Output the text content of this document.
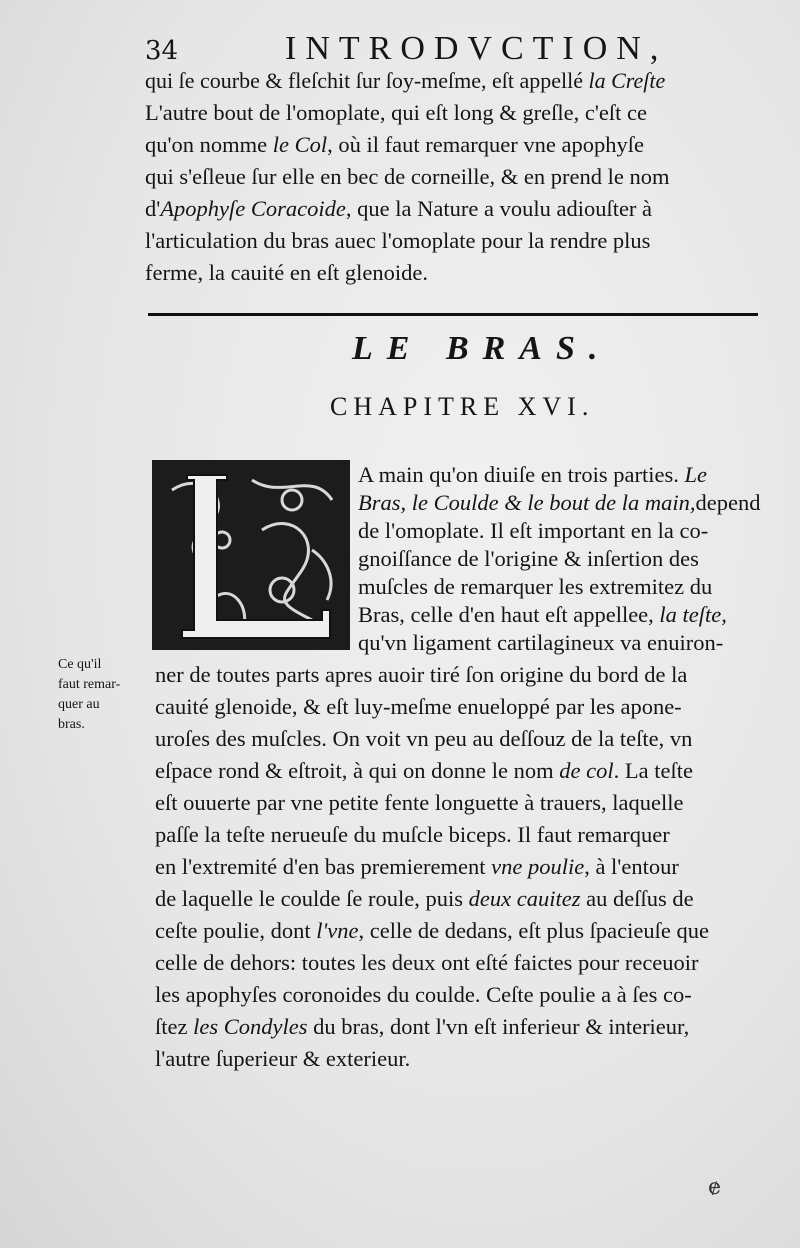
34	INTRODVCTION,
qui ſe courbe & fleſchit ſur ſoy-meſme, eſt appellé la Creſte
L'autre bout de l'omoplate, qui eſt long & greſle, c'eſt ce
qu'on nomme le Col, où il faut remarquer vne apophyſe
qui s'eſleue ſur elle en bec de corneille, & en prend le nom
d'Apophyſe Coracoide, que la Nature a voulu adiouſter à
l'articulation du bras auec l'omoplate pour la rendre plus
ferme, la cauité en eſt glenoide.
LE BRAS.
CHAPITRE XVI.
A main qu'on diuiſe en trois parties. Le
Bras, le Coulde & le bout de la main,depend
de l'omoplate. Il eſt important en la co-
gnoiſſance de l'origine & inſertion des
muſcles de remarquer les extremitez du
Bras, celle d'en haut eſt appellee, la teſte,
qu'vn ligament cartilagineux va enuiron-
Ce qu'il
faut remar-
quer au
bras.
ner de toutes parts apres auoir tiré ſon origine du bord de la
cauité glenoide, & eſt luy-meſme enueloppé par les apone-
uroſes des muſcles. On voit vn peu au deſſouz de la teſte, vn
eſpace rond & eſtroit, à qui on donne le nom de col. La teſte
eſt ouuerte par vne petite fente longuette à trauers, laquelle
paſſe la teſte nerueuſe du muſcle biceps. Il faut remarquer
en l'extremité d'en bas premierement vne poulie, à l'entour
de laquelle le coulde ſe roule, puis deux cauitez au deſſus de
ceſte poulie, dont l'vne, celle de dedans, eſt plus ſpacieuſe que
celle de dehors: toutes les deux ont eſté faictes pour receuoir
les apophyſes coronoides du coulde. Ceſte poulie a à ſes co-
ſtez les Condyles du bras, dont l'vn eſt inferieur & interieur,
l'autre ſuperieur & exterieur.
ɇ
